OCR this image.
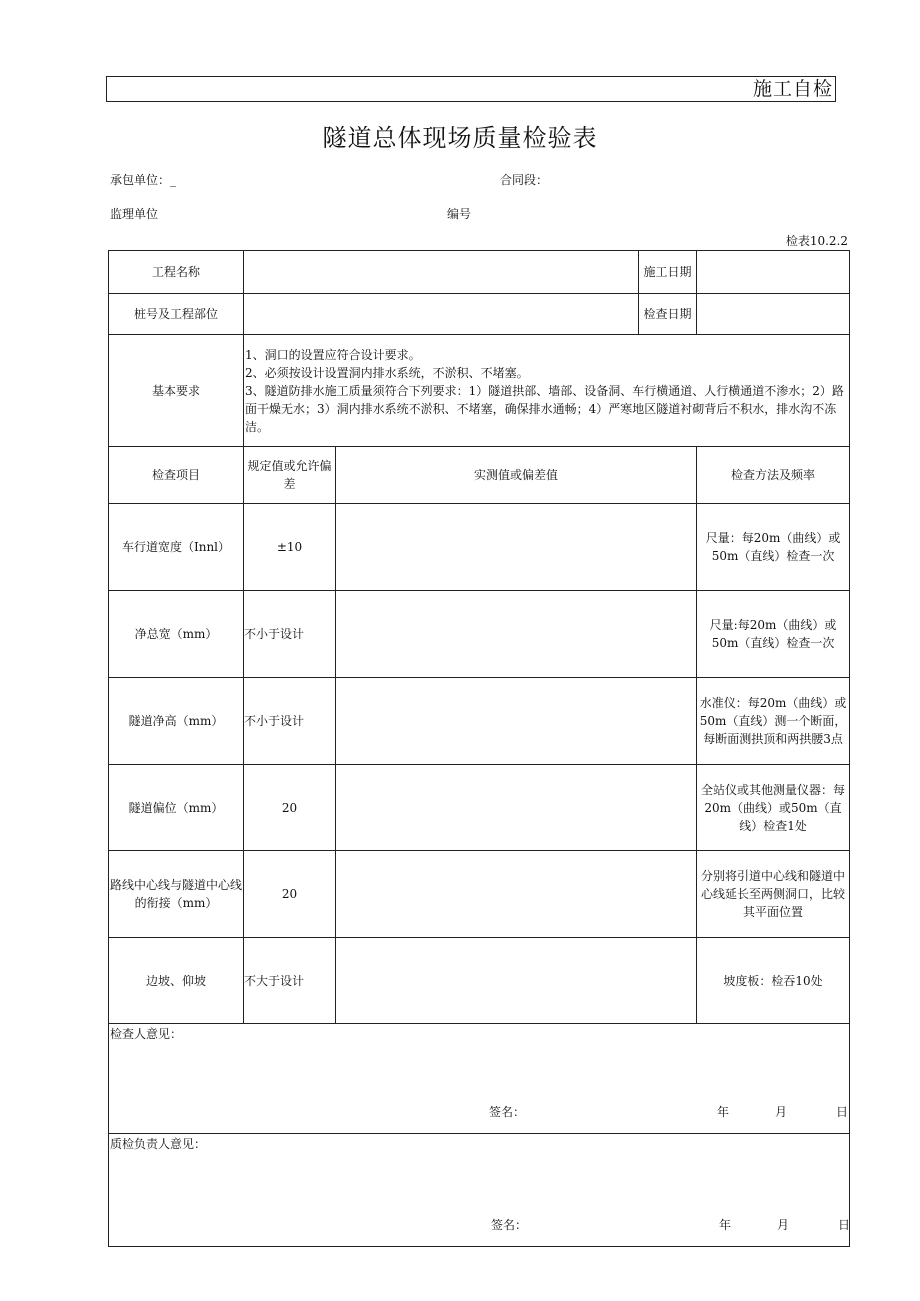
施工自检
隧道总体现场质量检验表
承包单位：_	合同段：
监理单位	编号
检表10.2.2
工程名称			施工日期	
桩号及工程部位			检查日期	
基本要求	1、洞口的设置应符合设计要求。
2、必须按设计设置洞内排水系统，不淤积、不堵塞。
3、隧道防排水施工质量须符合下列要求：1）隧道拱部、墙部、设备洞、车行横通道、人行横通道不渗水；2）路面干燥无水；3）洞内排水系统不淤积、不堵塞，确保排水通畅；4）严寒地区隧道衬砌背后不积水，排水沟不冻洁。			

检查项目	规定值或允许偏差	实测值或偏差值		检查方法及频率
车行道宽度（Innl）	±10			尺量：每20m（曲线）或50m（直线）检查一次
净总宽（mm）	不小于设计			尺量:每20m（曲线）或50m（直线）检查一次
隧道净高（mm）	不小于设计			水准仪：每20m（曲线）或50m（直线）测一个断面，每断面测拱顶和两拱腰3点
隧道偏位（mm）	20			全站仪或其他测量仪器：每20m（曲线）或50m（直线）检查1处
路线中心线与隧道中心线的衔接（mm）	20			分别将引道中心线和隧道中心线延长至两侧洞口，比较其平面位置
边坡、仰坡	不大于设计			坡度板：检吞10处

检查人意见：
签名： 年 月 日				

质检负责人意见：
签名： 年 月 日				
